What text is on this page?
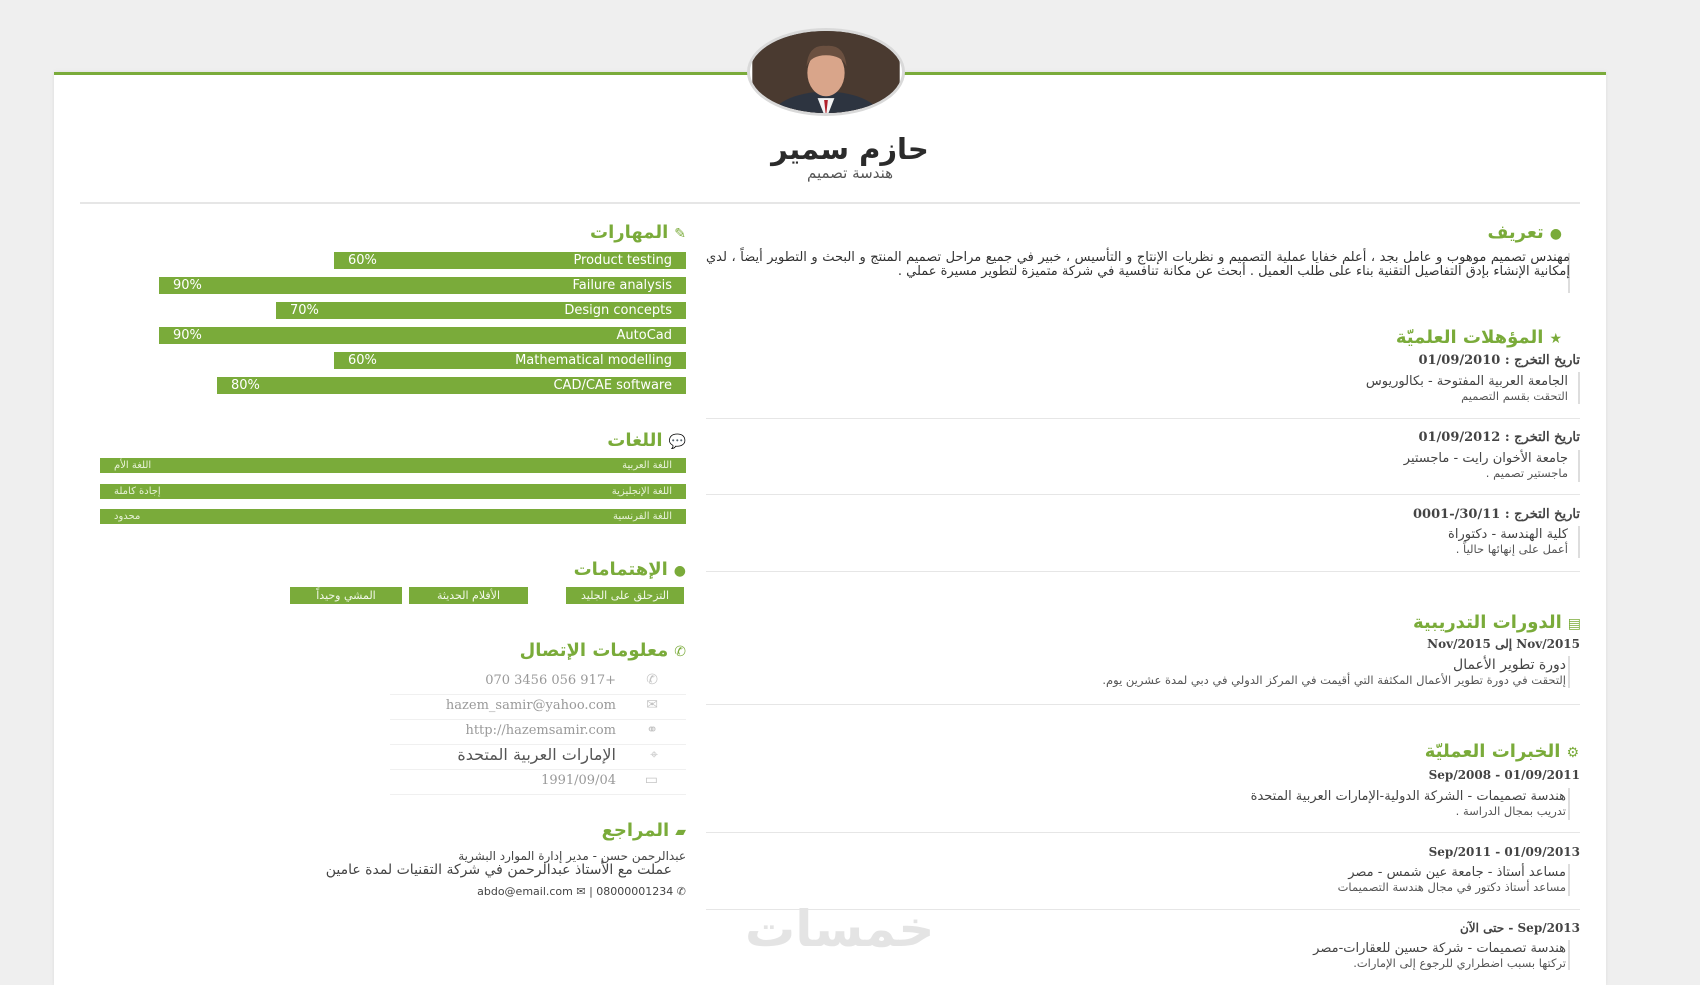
حازم سمير
هندسة تصميم
✎المهارات
Product testing
60%
Failure analysis
90%
Design concepts
70%
AutoCad
90%
Mathematical modelling
60%
CAD/CAE software
80%
💬اللغات
اللغة العربية
اللغة الأم
اللغة الإنجليزية
إجادة كاملة
اللغة الفرنسية
محدود
●الإهتمامات
التزحلق على الجليد
الأفلام الحديثة
المشي وحيداً
✆معلومات الإتصال
070 3456 056 917+ ✆
hazem_samir@yahoo.com ✉
http://hazemsamir.com ⚭
الإمارات العربية المتحدة ⌖
1991/09/04 ▭
▰المراجع
عبدالرحمن حسن - مدير إدارة الموارد البشرية
عملت مع الأستاذ عبدالرحمن في شركة التقنيات لمدة عامين
abdo@email.com ✉ | 08000001234 ✆
●تعريف
مهندس تصميم موهوب و عامل بجد ، أعلم خفايا عملية التصميم و نظريات الإنتاج و التأسيس ، خبير في جميع مراحل تصميم المنتج و البحث و التطوير أيضاً ، لدي إمكانية الإنشاء بإدق التفاصيل التقنية بناء على طلب العميل . أبحث عن مكانة تنافسية في شركة متميزة لتطوير مسيرة عملي .
★المؤهلات العلميّة
تاريخ التخرج : 01/09/2010
الجامعة العربية المفتوحة - بكالوريوس
التحقت بقسم التصميم
تاريخ التخرج : 01/09/2012
جامعة الأخوان رايت - ماجستير
ماجستير تصميم .
تاريخ التخرج : 30/11/-0001
كلية الهندسة - دكتوراة
أعمل على إنهائها حالياً .
▤الدورات التدريبية
Nov/2015 إلى Nov/2015
دورة تطوير الأعمال
إلتحقت في دورة تطوير الأعمال المكثفة التي أقيمت في المركز الدولي في دبي لمدة عشرين يوم.
⚙الخبرات العمليّة
Sep/2008 - 01/09/2011
هندسة تصميمات - الشركة الدولية-الإمارات العربية المتحدة
تدريب بمجال الدراسة .
Sep/2011 - 01/09/2013
مساعد أستاذ - جامعة عين شمس - مصر
مساعد أستاذ دكتور في مجال هندسة التصميمات
Sep/2013 - حتى الآن
هندسة تصميمات - شركة حسين للعقارات-مصر
تركتها بسبب اضطراري للرجوع إلى الإمارات.
خمسات
